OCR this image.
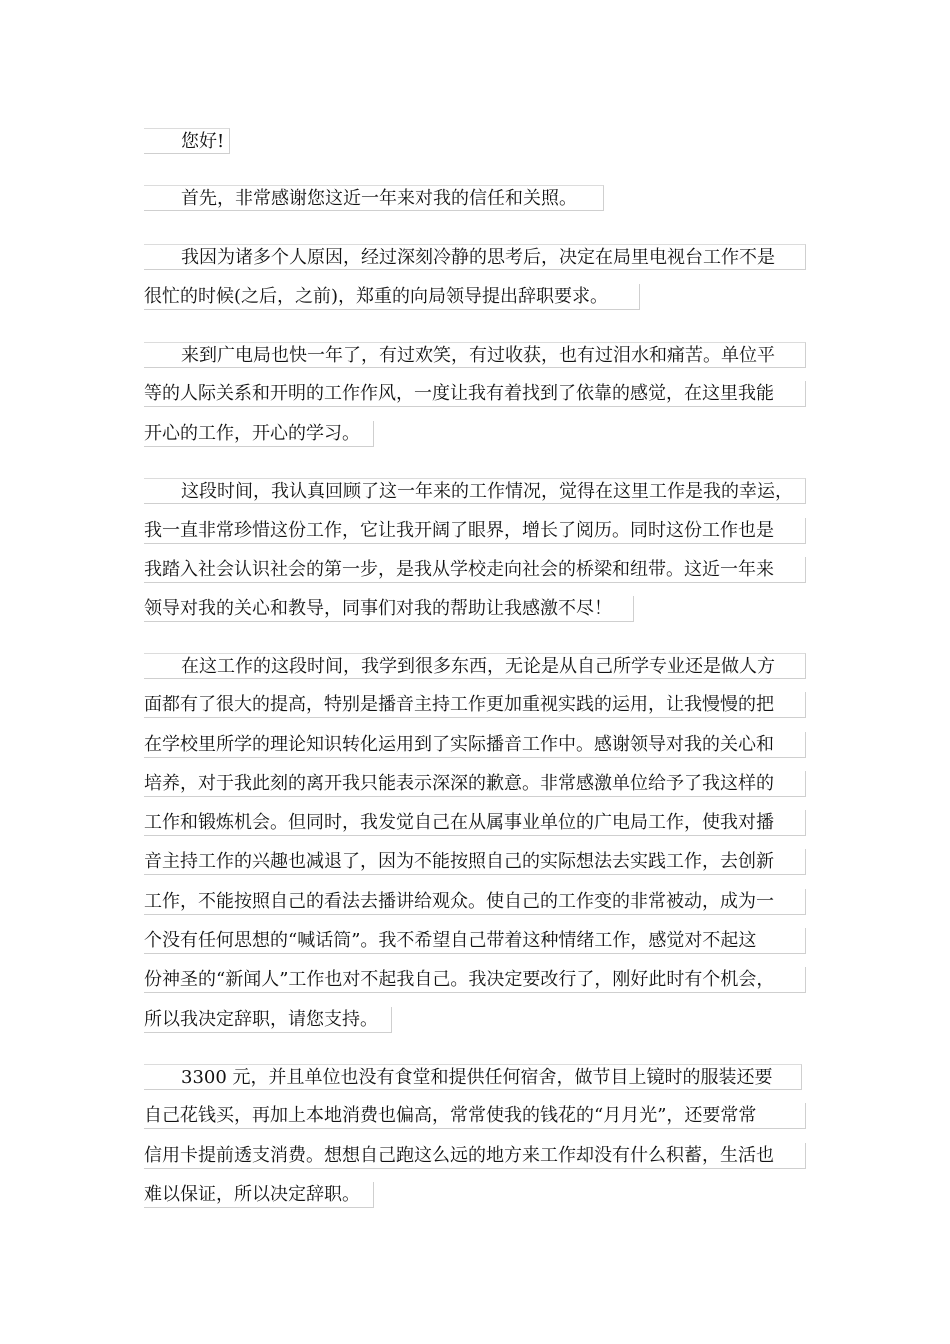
您好!
首先，非常感谢您这近一年来对我的信任和关照。
我因为诸多个人原因，经过深刻冷静的思考后，决定在局里电视台工作不是
很忙的时候(之后，之前)，郑重的向局领导提出辞职要求。
来到广电局也快一年了，有过欢笑，有过收获，也有过泪水和痛苦。单位平
等的人际关系和开明的工作作风，一度让我有着找到了依靠的感觉，在这里我能
开心的工作，开心的学习。
这段时间，我认真回顾了这一年来的工作情况，觉得在这里工作是我的幸运，
我一直非常珍惜这份工作，它让我开阔了眼界，增长了阅历。同时这份工作也是
我踏入社会认识社会的第一步，是我从学校走向社会的桥梁和纽带。这近一年来
领导对我的关心和教导，同事们对我的帮助让我感激不尽！
在这工作的这段时间，我学到很多东西，无论是从自己所学专业还是做人方
面都有了很大的提高，特别是播音主持工作更加重视实践的运用，让我慢慢的把
在学校里所学的理论知识转化运用到了实际播音工作中。感谢领导对我的关心和
培养，对于我此刻的离开我只能表示深深的歉意。非常感激单位给予了我这样的
工作和锻炼机会。但同时，我发觉自己在从属事业单位的广电局工作，使我对播
音主持工作的兴趣也减退了，因为不能按照自己的实际想法去实践工作，去创新
工作，不能按照自己的看法去播讲给观众。使自己的工作变的非常被动，成为一
个没有任何思想的“喊话筒”。我不希望自己带着这种情绪工作，感觉对不起这
份神圣的“新闻人”工作也对不起我自己。我决定要改行了，刚好此时有个机会，
所以我决定辞职，请您支持。
3300 元，并且单位也没有食堂和提供任何宿舍，做节目上镜时的服装还要
自己花钱买，再加上本地消费也偏高，常常使我的钱花的“月月光”，还要常常
信用卡提前透支消费。想想自己跑这么远的地方来工作却没有什么积蓄，生活也
难以保证，所以决定辞职。
